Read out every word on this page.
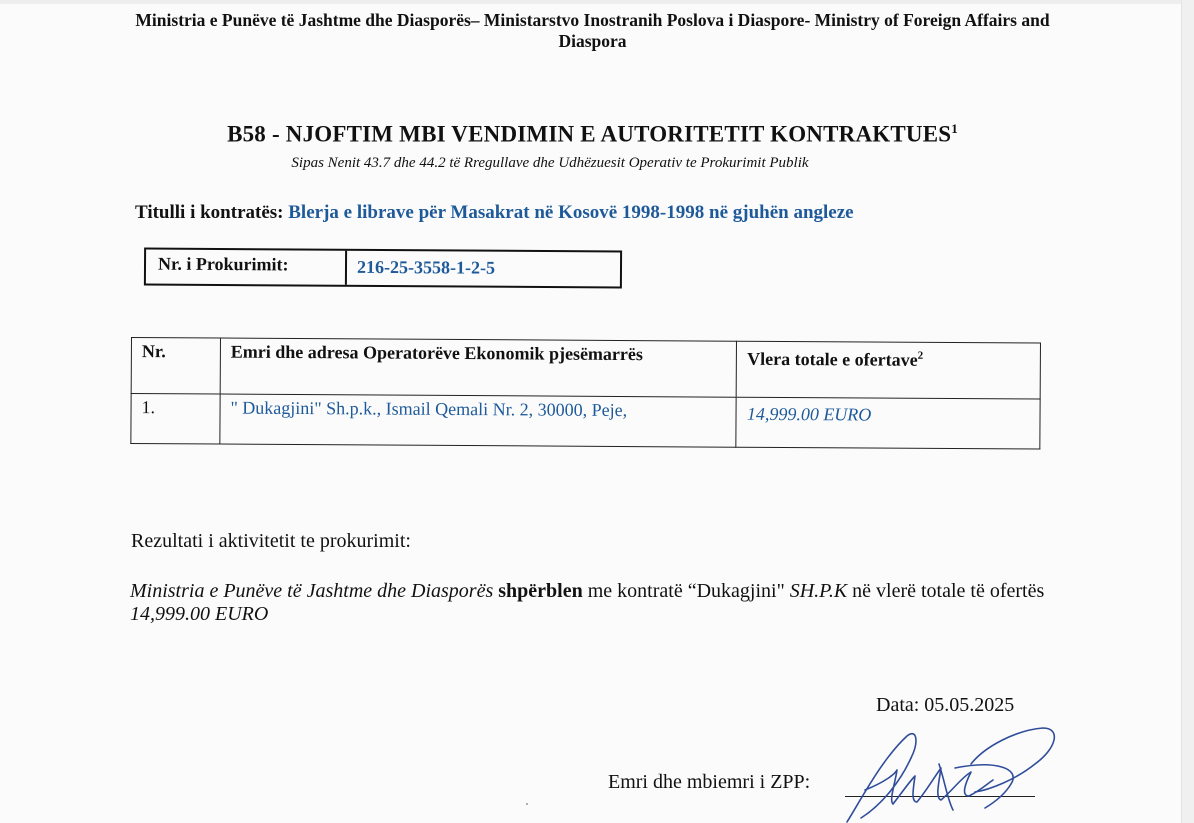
Ministria e Punëve të Jashtme dhe Diasporës– Ministarstvo Inostranih Poslova i Diaspore- Ministry of Foreign Affairs and Diaspora
B58 - NJOFTIM MBI VENDIMIN E AUTORITETIT KONTRAKTUES$^1$
Sipas Nenit 43.7 dhe 44.2 të Rregullave dhe Udhëzuesit Operativ te Prokurimit Publik
Titulli i kontratës: Blerja e librave për Masakrat në Kosovë 1998-1998 në gjuhën angleze
Nr. i Prokurimit:	216-25-3558-1-2-5
Nr.	Emri dhe adresa Operatorëve Ekonomik pjesëmarrës	Vlera totale e ofertave$^2$
1.	" Dukagjini" Sh.p.k., Ismail Qemali Nr. 2, 30000, Peje,	14,999.00 EURO
Rezultati i aktivitetit te prokurimit:
Ministria e Punëve të Jashtme dhe Diasporës shpërblen me kontratë “Dukagjini" SH.P.K në vlerë totale të ofertës 14,999.00 EURO
Data: 05.05.2025
Emri dhe mbiemri i ZPP:
